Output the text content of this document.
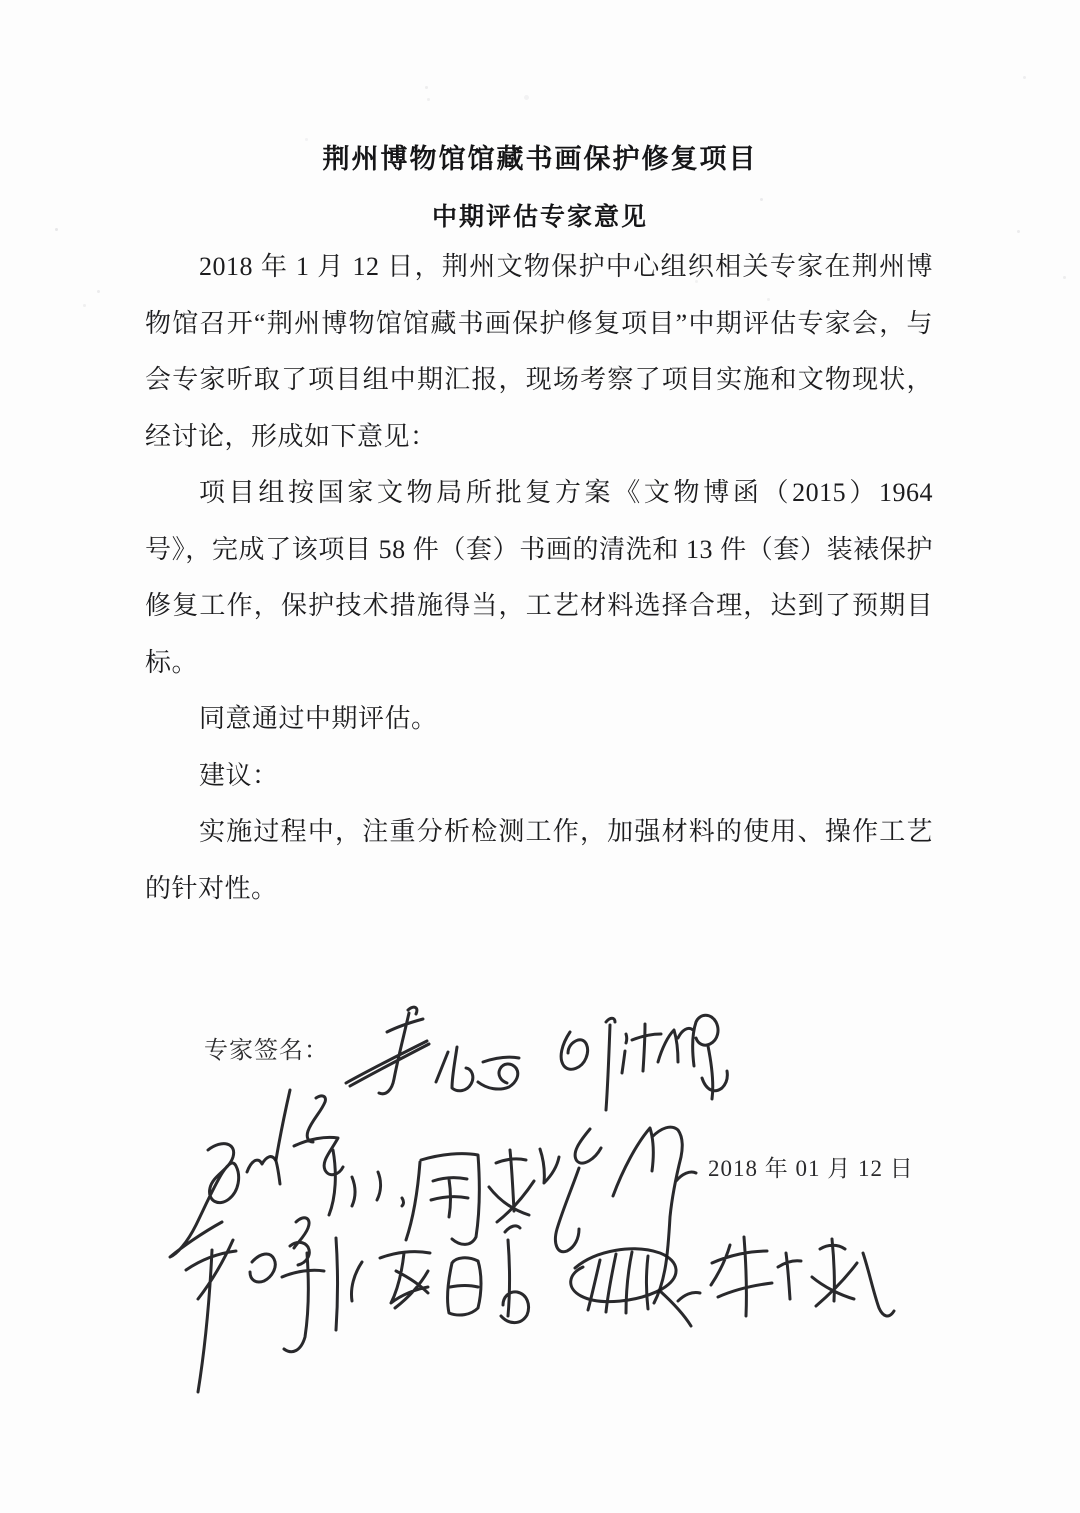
荆州博物馆馆藏书画保护修复项目
中期评估专家意见

2018 年 1 月 12 日，荆州文物保护中心组织相关专家在荆州博物馆召开“荆州博物馆馆藏书画保护修复项目”中期评估专家会，与会专家听取了项目组中期汇报，现场考察了项目实施和文物现状，经讨论，形成如下意见：

项目组按国家文物局所批复方案《文物博函（2015）1964 号》，完成了该项目 58 件（套）书画的清洗和 13 件（套）装裱保护修复工作，保护技术措施得当，工艺材料选择合理，达到了预期目标。

同意通过中期评估。

建议：

实施过程中，注重分析检测工作，加强材料的使用、操作工艺的针对性。

专家签名：
2018 年 01 月 12 日
